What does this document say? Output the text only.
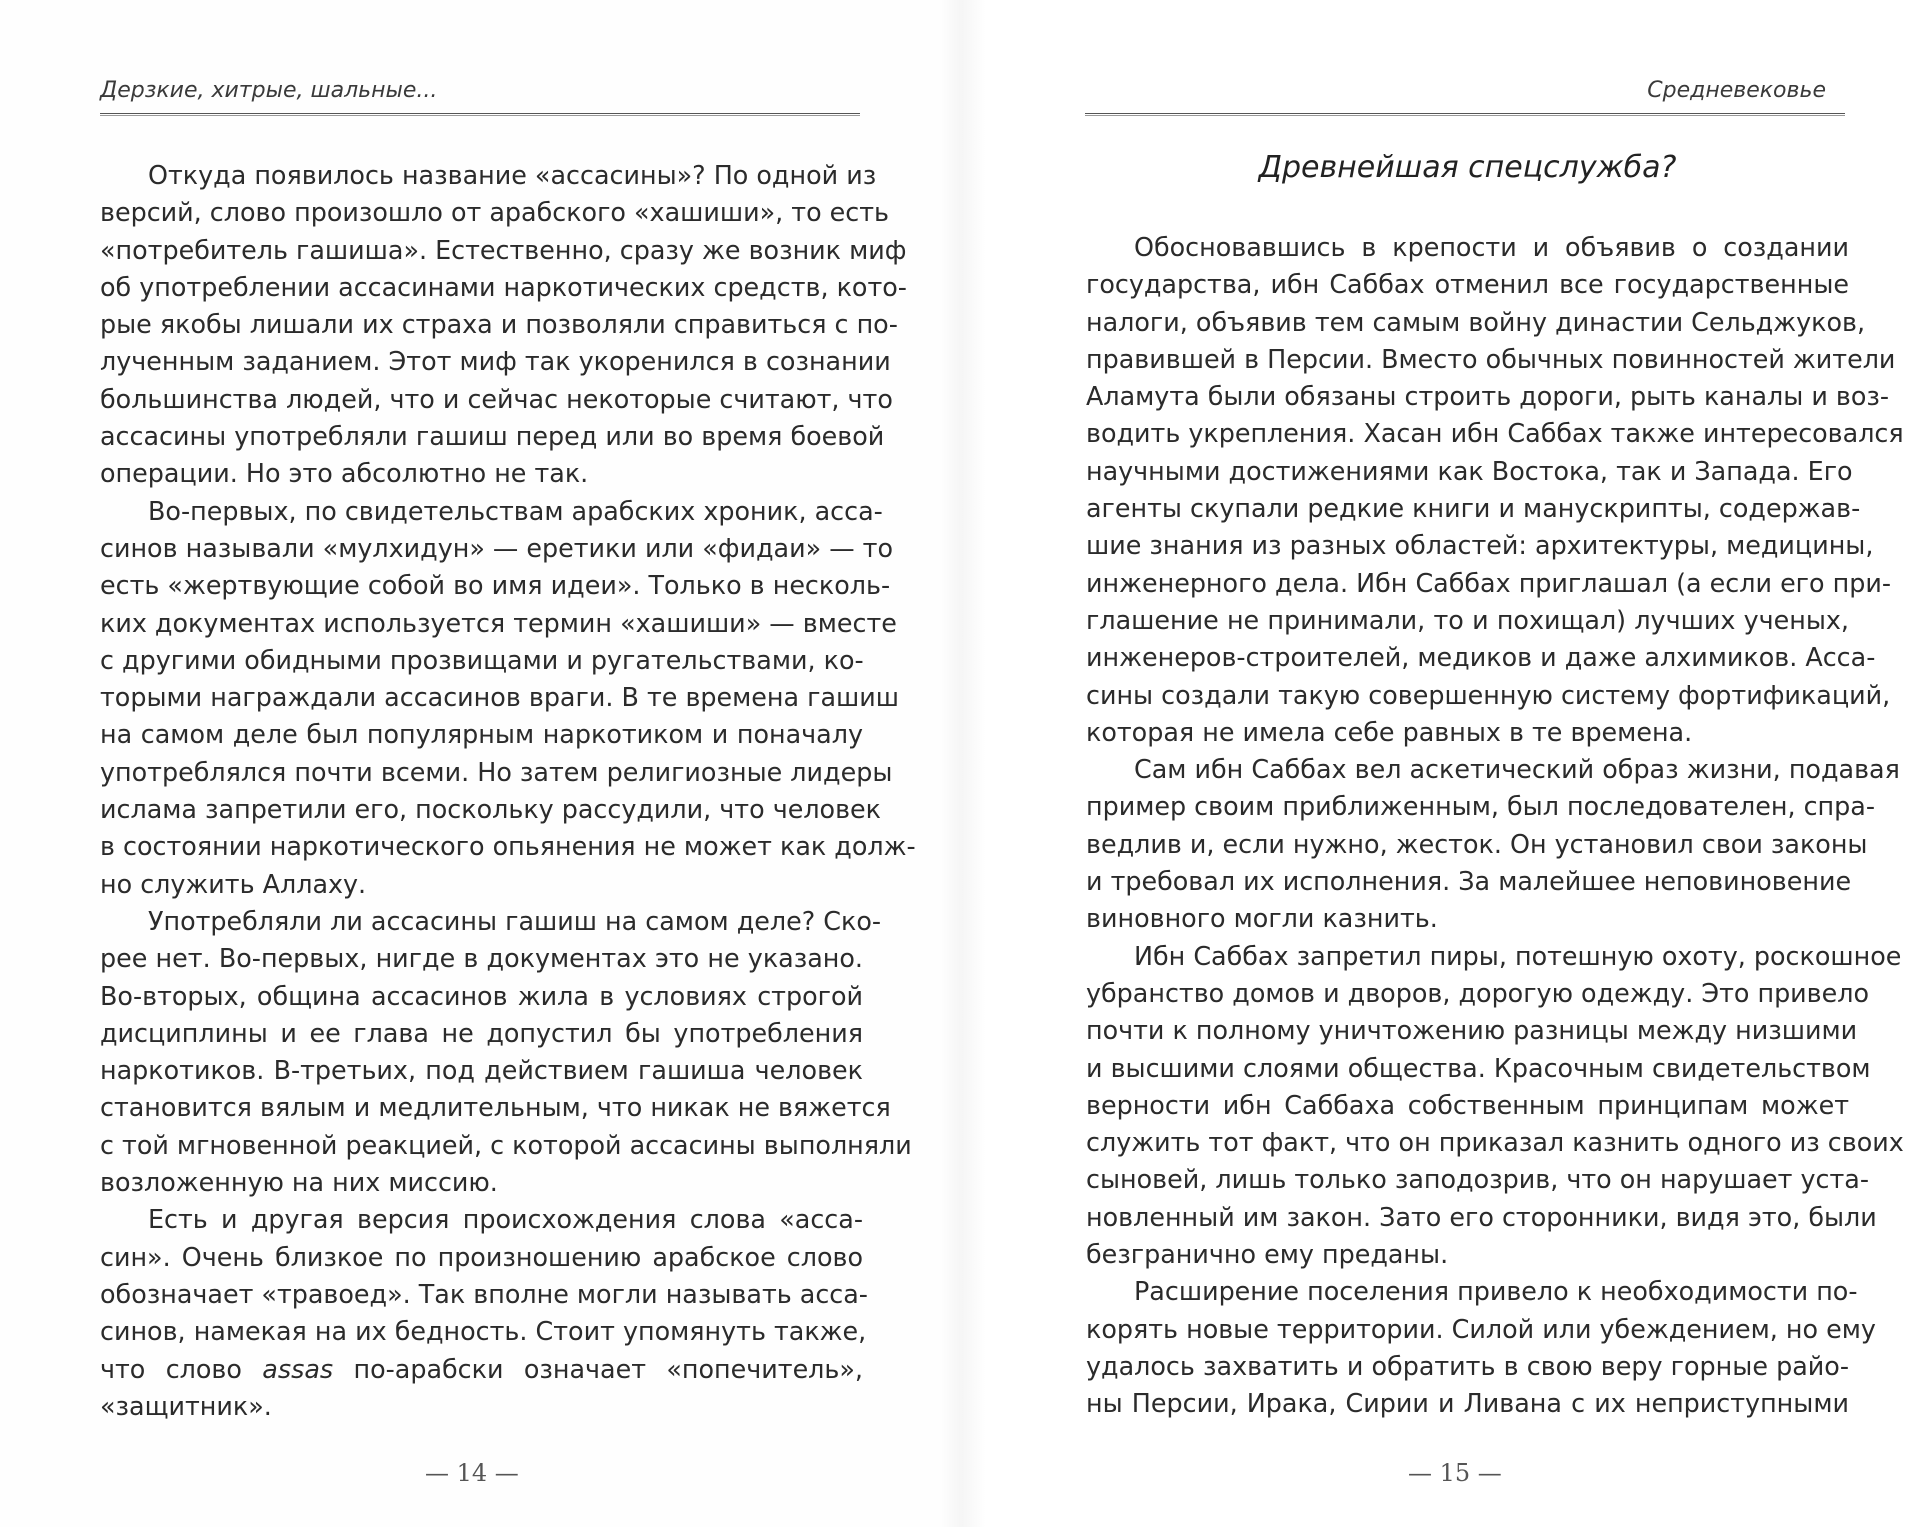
Дерзкие, хитрые, шальные...
Откуда появилось название «ассасины»? По одной из
версий, слово произошло от арабского «хашиши», то есть
«потребитель гашиша». Естественно, сразу же возник миф
об употреблении ассасинами наркотических средств, кото-
рые якобы лишали их страха и позволяли справиться с по-
лученным заданием. Этот миф так укоренился в сознании
большинства людей, что и сейчас некоторые считают, что
ассасины употребляли гашиш перед или во время боевой
операции. Но это абсолютно не так.
Во-первых, по свидетельствам арабских хроник, асса-
синов называли «мулхидун» — еретики или «фидаи» — то
есть «жертвующие собой во имя идеи». Только в несколь-
ких документах используется термин «хашиши» — вместе
с другими обидными прозвищами и ругательствами, ко-
торыми награждали ассасинов враги. В те времена гашиш
на самом деле был популярным наркотиком и поначалу
употреблялся почти всеми. Но затем религиозные лидеры
ислама запретили его, поскольку рассудили, что человек
в состоянии наркотического опьянения не может как долж-
но служить Аллаху.
Употребляли ли ассасины гашиш на самом деле? Ско-
рее нет. Во-первых, нигде в документах это не указано.
Во-вторых, община ассасинов жила в условиях строгой
дисциплины и ее глава не допустил бы употребления
наркотиков. В-третьих, под действием гашиша человек
становится вялым и медлительным, что никак не вяжется
с той мгновенной реакцией, с которой ассасины выполняли
возложенную на них миссию.
Есть и другая версия происхождения слова «асса-
син». Очень близкое по произношению арабское слово
обозначает «травоед». Так вполне могли называть асса-
синов, намекая на их бедность. Стоит упомянуть также,
что слово assas по-арабски означает «попечитель»,
«защитник».
— 14 —
Средневековье
Древнейшая спецслужба?
Обосновавшись в крепости и объявив о создании
государства, ибн Саббах отменил все государственные
налоги, объявив тем самым войну династии Сельджуков,
правившей в Персии. Вместо обычных повинностей жители
Аламута были обязаны строить дороги, рыть каналы и воз-
водить укрепления. Хасан ибн Саббах также интересовался
научными достижениями как Востока, так и Запада. Его
агенты скупали редкие книги и манускрипты, содержав-
шие знания из разных областей: архитектуры, медицины,
инженерного дела. Ибн Саббах приглашал (а если его при-
глашение не принимали, то и похищал) лучших ученых,
инженеров-строителей, медиков и даже алхимиков. Асса-
сины создали такую совершенную систему фортификаций,
которая не имела себе равных в те времена.
Сам ибн Саббах вел аскетический образ жизни, подавая
пример своим приближенным, был последователен, спра-
ведлив и, если нужно, жесток. Он установил свои законы
и требовал их исполнения. За малейшее неповиновение
виновного могли казнить.
Ибн Саббах запретил пиры, потешную охоту, роскошное
убранство домов и дворов, дорогую одежду. Это привело
почти к полному уничтожению разницы между низшими
и высшими слоями общества. Красочным свидетельством
верности ибн Саббаха собственным принципам может
служить тот факт, что он приказал казнить одного из своих
сыновей, лишь только заподозрив, что он нарушает уста-
новленный им закон. Зато его сторонники, видя это, были
безгранично ему преданы.
Расширение поселения привело к необходимости по-
корять новые территории. Силой или убеждением, но ему
удалось захватить и обратить в свою веру горные райо-
ны Персии, Ирака, Сирии и Ливана с их неприступными
— 15 —
